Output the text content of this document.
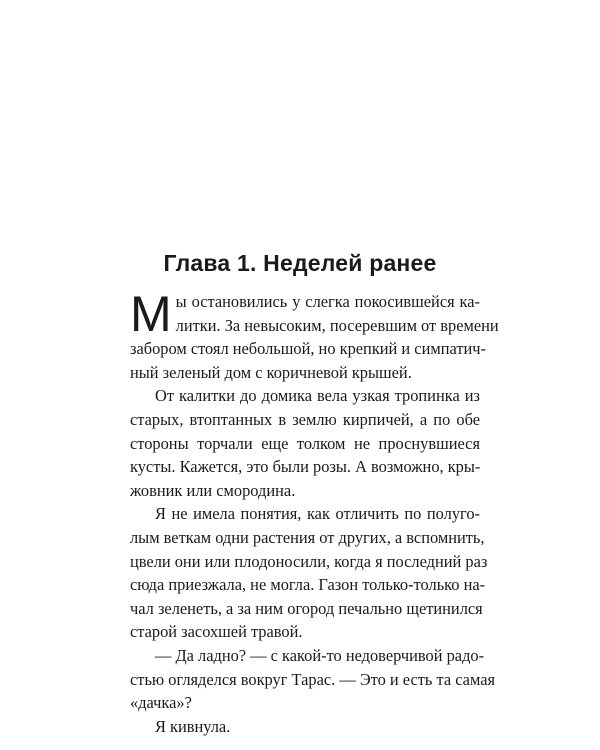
Глава 1. Неделей ранее
М ы остановились у слегка покосившейся ка-
литки. За невысоким, посеревшим от времени
забором стоял небольшой, но крепкий и симпатич-
ный зеленый дом с коричневой крышей.
От калитки до домика вела узкая тропинка из
старых, втоптанных в землю кирпичей, а по обе
стороны торчали еще толком не проснувшиеся
кусты. Кажется, это были розы. А возможно, кры-
жовник или смородина.
Я не имела понятия, как отличить по полуго-
лым веткам одни растения от других, а вспомнить,
цвели они или плодоносили, когда я последний раз
сюда приезжала, не могла. Газон только-только на-
чал зеленеть, а за ним огород печально щетинился
старой засохшей травой.
— Да ладно? — с какой-то недоверчивой радо-
стью огляделся вокруг Тарас. — Это и есть та самая
«дачка»?
Я кивнула.
